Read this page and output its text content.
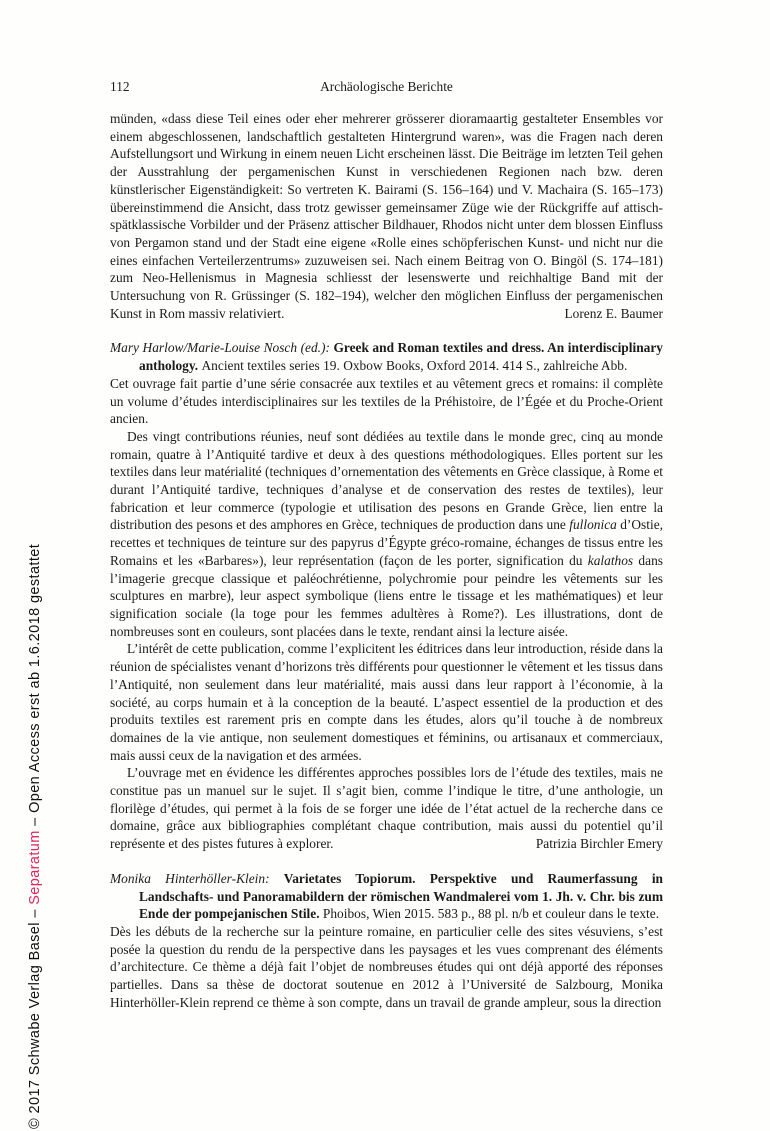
© 2017 Schwabe Verlag Basel – Separatum – Open Access erst ab 1.6.2018 gestattet
112	Archäologische Berichte

münden, «dass diese Teil eines oder eher mehrerer grösserer dioramaartig gestalteter Ensembles vor einem abgeschlossenen, landschaftlich gestalteten Hintergrund waren», was die Fragen nach deren Aufstellungsort und Wirkung in einem neuen Licht erscheinen lässt. Die Beiträge im letzten Teil gehen der Ausstrahlung der pergamenischen Kunst in verschiedenen Regionen nach bzw. deren künstlerischer Eigenständigkeit: So vertreten K. Bairami (S. 156–164) und V. Machaira (S. 165–173) übereinstimmend die Ansicht, dass trotz gewisser gemeinsamer Züge wie der Rückgriffe auf attisch-spätklassische Vorbilder und der Präsenz attischer Bildhauer, Rhodos nicht unter dem blossen Einfluss von Pergamon stand und der Stadt eine eigene «Rolle eines schöpferischen Kunst- und nicht nur die eines einfachen Verteilerzentrums» zuzuweisen sei. Nach einem Beitrag von O. Bingöl (S. 174–181) zum Neo-Hellenismus in Magnesia schliesst der lesenswerte und reichhaltige Band mit der Untersuchung von R. Grüssinger (S. 182–194), welcher den möglichen Einfluss der pergamenischen Kunst in Rom massiv relativiert.	Lorenz E. Baumer

Mary Harlow/Marie-Louise Nosch (ed.): Greek and Roman textiles and dress. An interdisciplinary anthology. Ancient textiles series 19. Oxbow Books, Oxford 2014. 414 S., zahlreiche Abb.

Cet ouvrage fait partie d’une série consacrée aux textiles et au vêtement grecs et romains: il complète un volume d’études interdisciplinaires sur les textiles de la Préhistoire, de l’Égée et du Proche-Orient ancien.

Des vingt contributions réunies, neuf sont dédiées au textile dans le monde grec, cinq au monde romain, quatre à l’Antiquité tardive et deux à des questions méthodologiques. Elles portent sur les textiles dans leur matérialité (techniques d’ornementation des vêtements en Grèce classique, à Rome et durant l’Antiquité tardive, techniques d’analyse et de conservation des restes de textiles), leur fabrication et leur commerce (typologie et utilisation des pesons en Grande Grèce, lien entre la distribution des pesons et des amphores en Grèce, techniques de production dans une fullonica d’Ostie, recettes et techniques de teinture sur des papyrus d’Égypte gréco-romaine, échanges de tissus entre les Romains et les «Barbares»), leur représentation (façon de les porter, signification du kalathos dans l’imagerie grecque classique et paléochrétienne, polychromie pour peindre les vêtements sur les sculptures en marbre), leur aspect symbolique (liens entre le tissage et les mathématiques) et leur signification sociale (la toge pour les femmes adultères à Rome?). Les illustrations, dont de nombreuses sont en couleurs, sont placées dans le texte, rendant ainsi la lecture aisée.

L’intérêt de cette publication, comme l’explicitent les éditrices dans leur introduction, réside dans la réunion de spécialistes venant d’horizons très différents pour questionner le vêtement et les tissus dans l’Antiquité, non seulement dans leur matérialité, mais aussi dans leur rapport à l’économie, à la société, au corps humain et à la conception de la beauté. L’aspect essentiel de la production et des produits textiles est rarement pris en compte dans les études, alors qu’il touche à de nombreux domaines de la vie antique, non seulement domestiques et féminins, ou artisanaux et commerciaux, mais aussi ceux de la navigation et des armées.

L’ouvrage met en évidence les différentes approches possibles lors de l’étude des textiles, mais ne constitue pas un manuel sur le sujet. Il s’agit bien, comme l’indique le titre, d’une anthologie, un florilège d’études, qui permet à la fois de se forger une idée de l’état actuel de la recherche dans ce domaine, grâce aux bibliographies complétant chaque contribution, mais aussi du potentiel qu’il représente et des pistes futures à explorer.	Patrizia Birchler Emery

Monika Hinterhöller-Klein: Varietates Topiorum. Perspektive und Raumerfassung in Landschafts- und Panoramabildern der römischen Wandmalerei vom 1. Jh. v. Chr. bis zum Ende der pompejanischen Stile. Phoibos, Wien 2015. 583 p., 88 pl. n/b et couleur dans le texte.

Dès les débuts de la recherche sur la peinture romaine, en particulier celle des sites vésuviens, s’est posée la question du rendu de la perspective dans les paysages et les vues comprenant des éléments d’architecture. Ce thème a déjà fait l’objet de nombreuses études qui ont déjà apporté des réponses partielles. Dans sa thèse de doctorat soutenue en 2012 à l’Université de Salzbourg, Monika Hinterhöller-Klein reprend ce thème à son compte, dans un travail de grande ampleur, sous la direction
